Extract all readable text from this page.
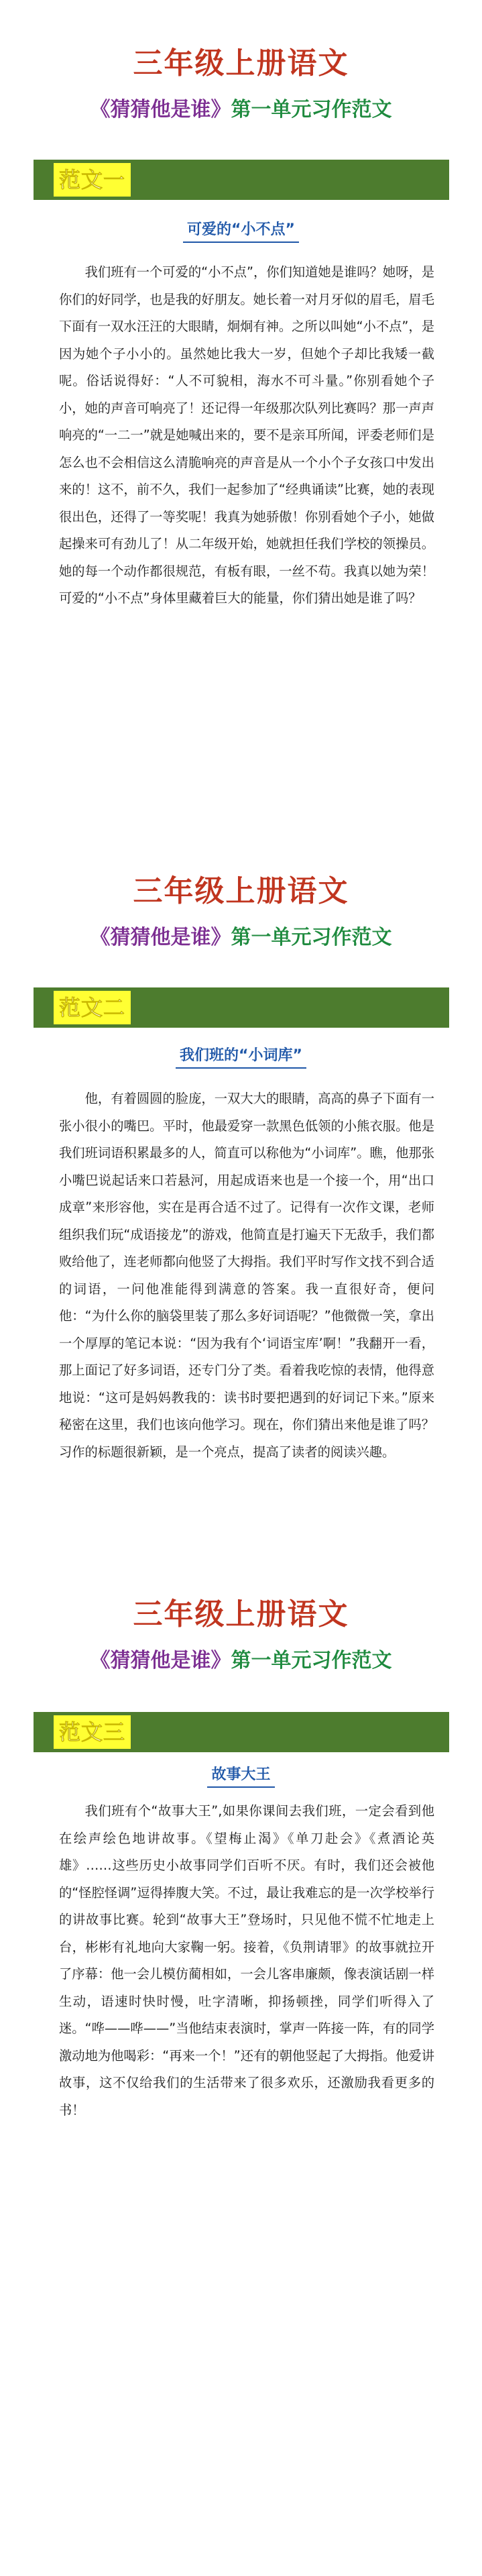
三年级上册语文
《猜猜他是谁》第一单元习作范文
范文一
可爱的“小不点”

我们班有一个可爱的“小不点”，你们知道她是谁吗？她呀，是你们的好同学，也是我的好朋友。她长着一对月牙似的眉毛，眉毛下面有一双水汪汪的大眼睛，炯炯有神。之所以叫她“小不点”，是因为她个子小小的。虽然她比我大一岁，但她个子却比我矮一截呢。俗话说得好：“人不可貌相，海水不可斗量。”你别看她个子小，她的声音可响亮了！还记得一年级那次队列比赛吗？那一声声响亮的“一二一”就是她喊出来的，要不是亲耳所闻，评委老师们是怎么也不会相信这么清脆响亮的声音是从一个小个子女孩口中发出来的！这不，前不久，我们一起参加了“经典诵读”比赛，她的表现很出色，还得了一等奖呢！我真为她骄傲！你别看她个子小，她做起操来可有劲儿了！从二年级开始，她就担任我们学校的领操员。她的每一个动作都很规范，有板有眼，一丝不苟。我真以她为荣！可爱的“小不点”身体里藏着巨大的能量，你们猜出她是谁了吗？

三年级上册语文
《猜猜他是谁》第一单元习作范文
范文二
我们班的“小词库”

他，有着圆圆的脸庞，一双大大的眼睛，高高的鼻子下面有一张小很小的嘴巴。平时，他最爱穿一款黑色低领的小熊衣服。他是我们班词语积累最多的人，简直可以称他为“小词库”。瞧，他那张小嘴巴说起话来口若悬河，用起成语来也是一个接一个，用“出口成章”来形容他，实在是再合适不过了。记得有一次作文课，老师组织我们玩“成语接龙”的游戏，他简直是打遍天下无敌手，我们都败给他了，连老师都向他竖了大拇指。我们平时写作文找不到合适的词语，一问他准能得到满意的答案。我一直很好奇，便问他：“为什么你的脑袋里装了那么多好词语呢？”他微微一笑，拿出一个厚厚的笔记本说：“因为我有个‘词语宝库’啊！”我翻开一看，那上面记了好多词语，还专门分了类。看着我吃惊的表情，他得意地说：“这可是妈妈教我的：读书时要把遇到的好词记下来。”原来秘密在这里，我们也该向他学习。现在，你们猜出来他是谁了吗？习作的标题很新颖，是一个亮点，提高了读者的阅读兴趣。

三年级上册语文
《猜猜他是谁》第一单元习作范文
范文三
故事大王

我们班有个“故事大王”,如果你课间去我们班，一定会看到他在绘声绘色地讲故事。《望梅止渴》《单刀赴会》《煮酒论英雄》……这些历史小故事同学们百听不厌。有时，我们还会被他的“怪腔怪调”逗得捧腹大笑。不过，最让我难忘的是一次学校举行的讲故事比赛。轮到“故事大王”登场时，只见他不慌不忙地走上台，彬彬有礼地向大家鞠一躬。接着，《负荆请罪》的故事就拉开了序幕：他一会儿模仿蔺相如，一会儿客串廉颇，像表演话剧一样生动，语速时快时慢，吐字清晰，抑扬顿挫，同学们听得入了迷。“哗——哗——”当他结束表演时，掌声一阵接一阵，有的同学激动地为他喝彩：“再来一个！”还有的朝他竖起了大拇指。他爱讲故事，这不仅给我们的生活带来了很多欢乐，还激励我看更多的书！
